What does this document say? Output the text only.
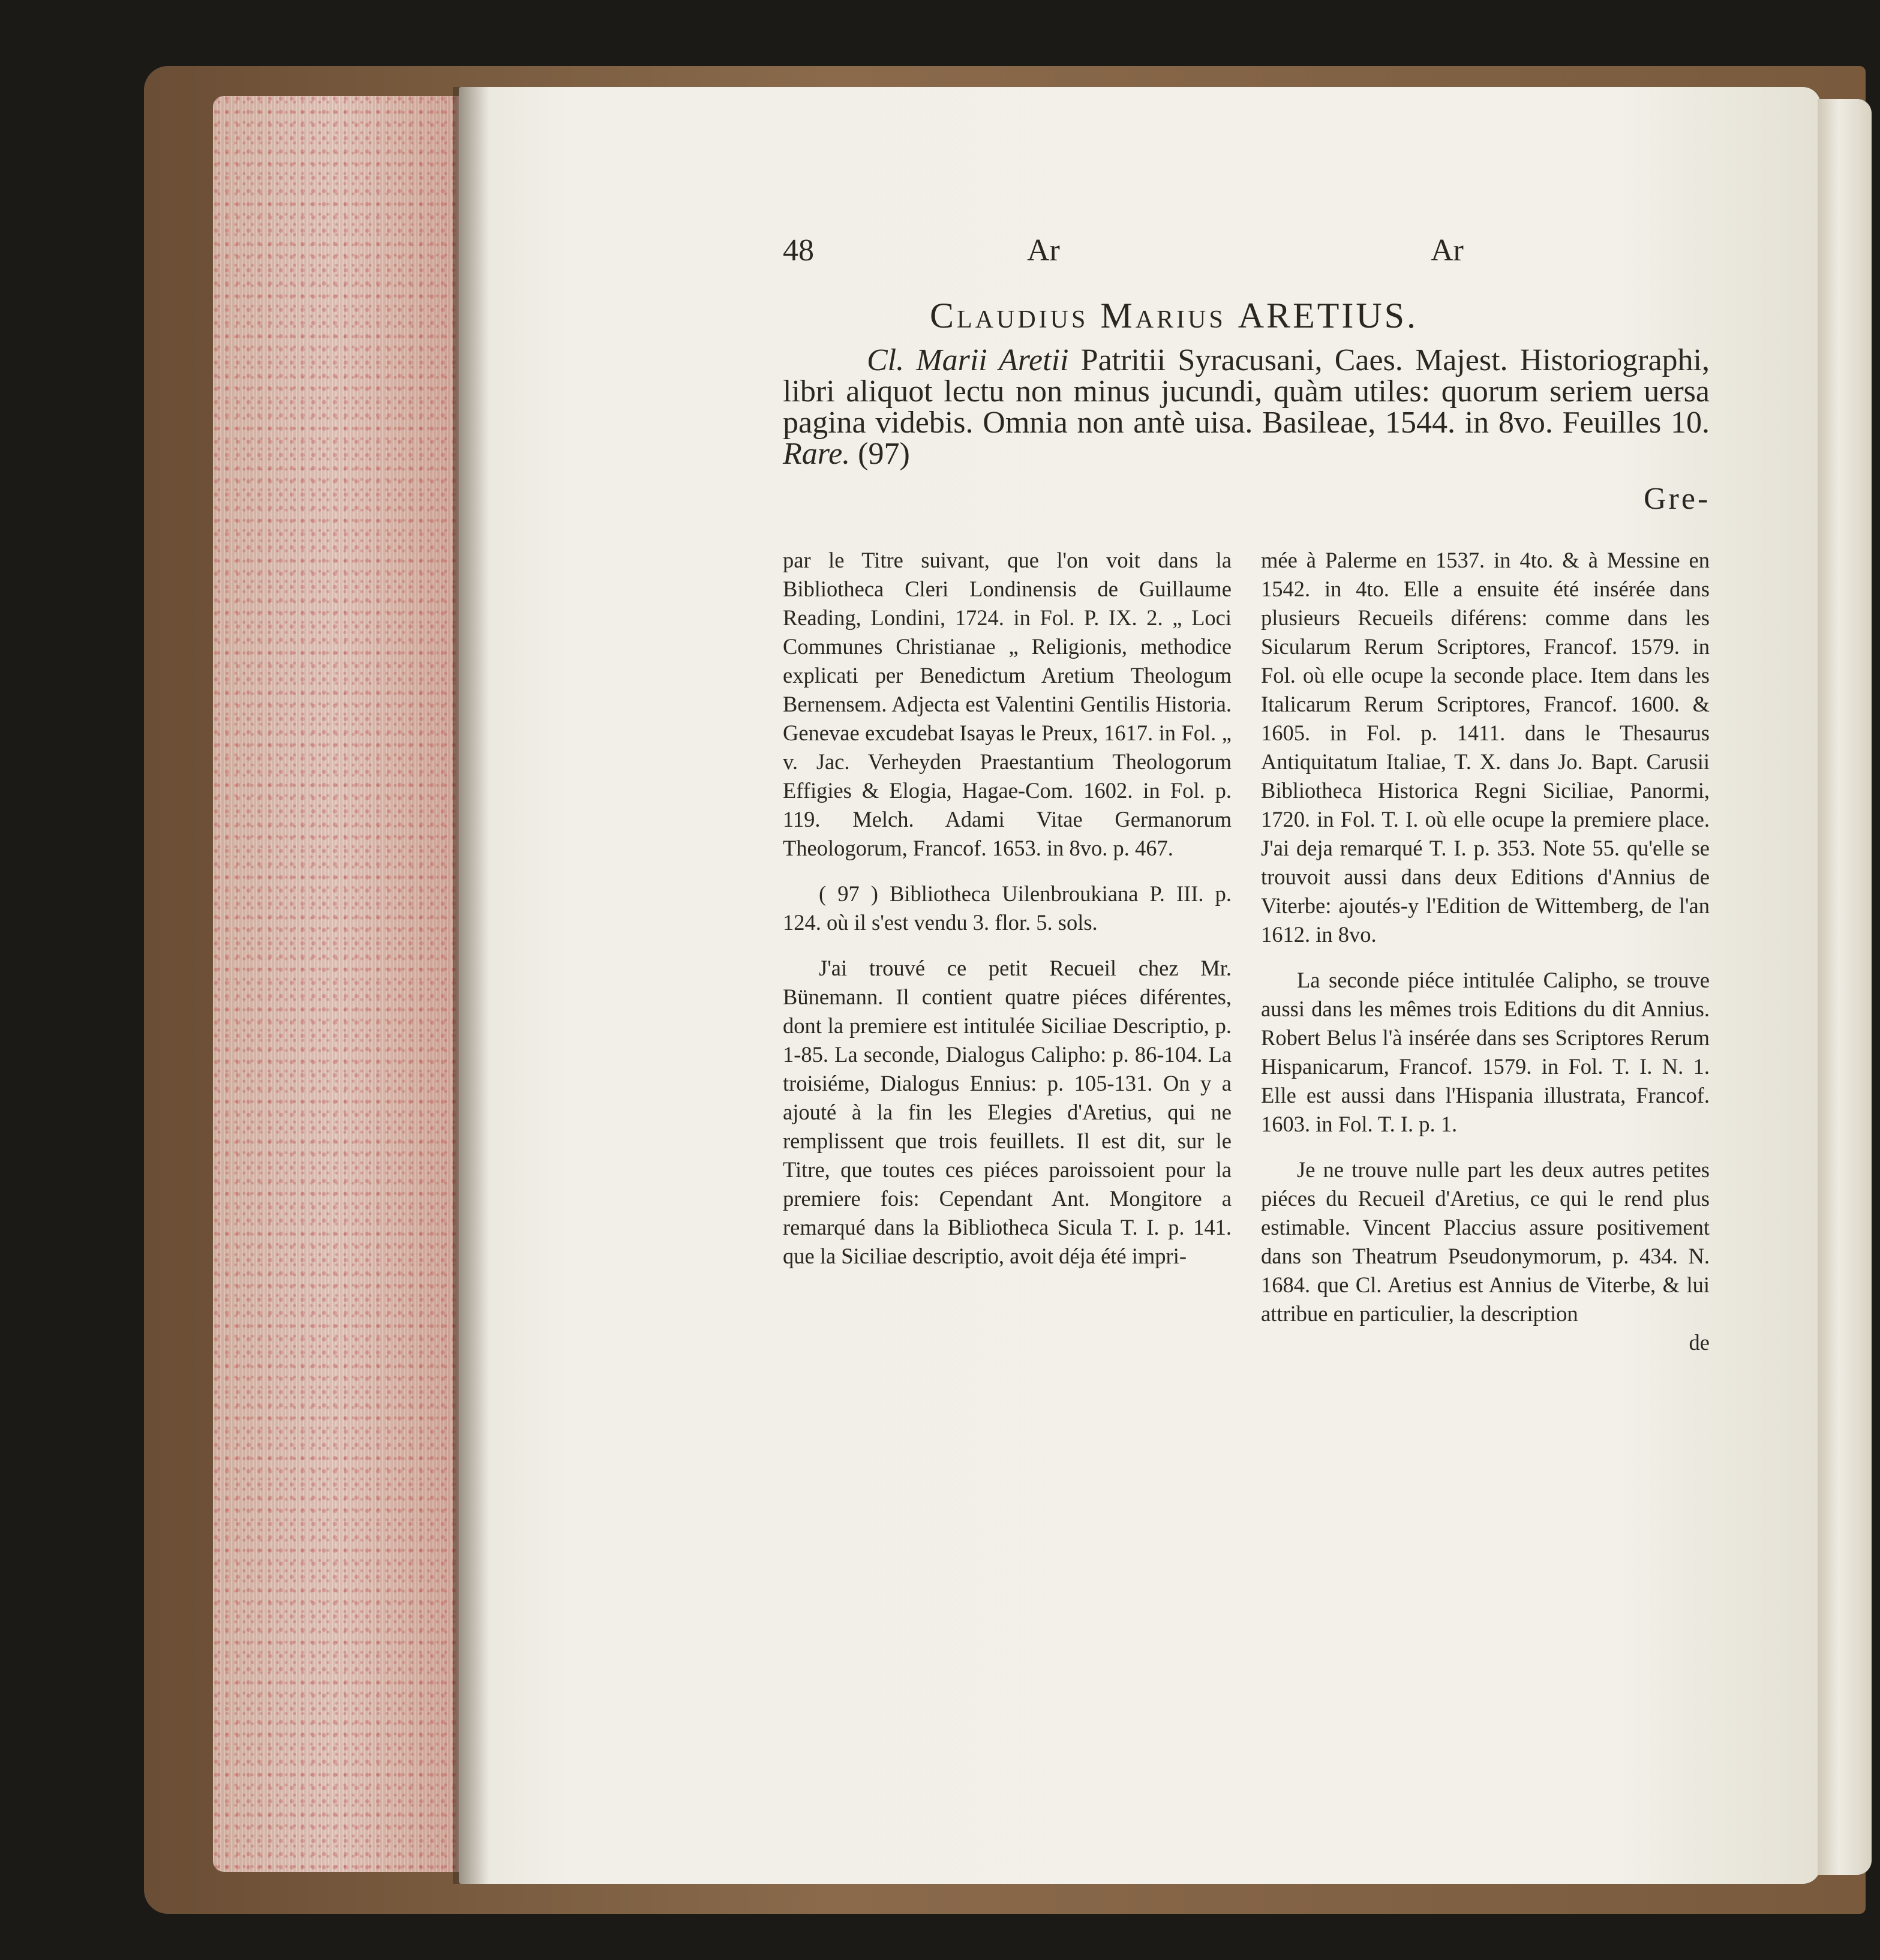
48	Ar	Ar
Claudius Marius ARETIUS.
Cl. Marii Aretii Patritii Syracusani, Caes. Majest. Historiographi, libri aliquot lectu non minus jucundi, quàm utiles: quorum seriem uersa pagina videbis. Omnia non antè uisa. Basileae, 1544. in 8vo. Feuilles 10. Rare. (97)
Gre-

par le Titre suivant, que l'on voit dans la Bibliotheca Cleri Londinensis de Guillaume Reading, Londini, 1724. in Fol. P. IX. 2. „ Loci Communes Christianae „ Religionis, methodice explicati per Benedictum Aretium Theologum Bernensem. Adjecta est Valentini Gentilis Historia. Genevae excudebat Isayas le Preux, 1617. in Fol. „ v. Jac. Verheyden Praestantium Theologorum Effigies & Elogia, Hagae-Com. 1602. in Fol. p. 119. Melch. Adami Vitae Germanorum Theologorum, Francof. 1653. in 8vo. p. 467.

( 97 ) Bibliotheca Uilenbroukiana P. III. p. 124. où il s'est vendu 3. flor. 5. sols.

J'ai trouvé ce petit Recueil chez Mr. Bünemann. Il contient quatre piéces diférentes, dont la premiere est intitulée Siciliae Descriptio, p. 1-85. La seconde, Dialogus Calipho: p. 86-104. La troisiéme, Dialogus Ennius: p. 105-131. On y a ajouté à la fin les Elegies d'Aretius, qui ne remplissent que trois feuillets. Il est dit, sur le Titre, que toutes ces piéces paroissoient pour la premiere fois: Cependant Ant. Mongitore a remarqué dans la Bibliotheca Sicula T. I. p. 141. que la Siciliae descriptio, avoit déja été impri-

mée à Palerme en 1537. in 4to. & à Messine en 1542. in 4to. Elle a ensuite été insérée dans plusieurs Recueils diférens: comme dans les Sicularum Rerum Scriptores, Francof. 1579. in Fol. où elle ocupe la seconde place. Item dans les Italicarum Rerum Scriptores, Francof. 1600. & 1605. in Fol. p. 1411. dans le Thesaurus Antiquitatum Italiae, T. X. dans Jo. Bapt. Carusii Bibliotheca Historica Regni Siciliae, Panormi, 1720. in Fol. T. I. où elle ocupe la premiere place. J'ai deja remarqué T. I. p. 353. Note 55. qu'elle se trouvoit aussi dans deux Editions d'Annius de Viterbe: ajoutés-y l'Edition de Wittemberg, de l'an 1612. in 8vo.

La seconde piéce intitulée Calipho, se trouve aussi dans les mêmes trois Editions du dit Annius. Robert Belus l'à insérée dans ses Scriptores Rerum Hispanicarum, Francof. 1579. in Fol. T. I. N. 1. Elle est aussi dans l'Hispania illustrata, Francof. 1603. in Fol. T. I. p. 1.

Je ne trouve nulle part les deux autres petites piéces du Recueil d'Aretius, ce qui le rend plus estimable. Vincent Placcius assure positivement dans son Theatrum Pseudonymorum, p. 434. N. 1684. que Cl. Aretius est Annius de Viterbe, & lui attribue en particulier, la description

de
